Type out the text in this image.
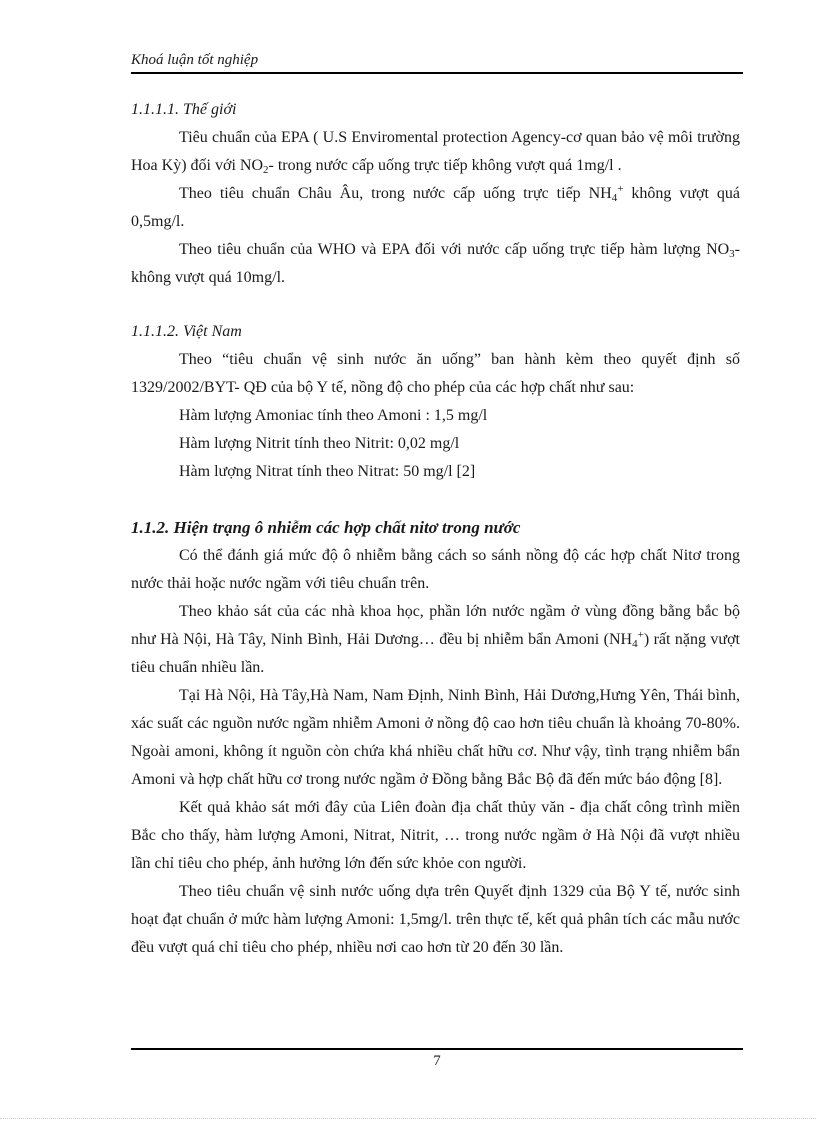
Khoá luận tốt nghiệp

1.1.1.1. Thế giới

Tiêu chuẩn của EPA ( U.S Enviromental protection Agency-cơ quan bảo vệ môi trường Hoa Kỳ) đối với $NO_2-$ trong nước cấp uống trực tiếp không vượt quá 1mg/l .

Theo tiêu chuẩn Châu Âu, trong nước cấp uống trực tiếp $NH_4^+$ không vượt quá 0,5mg/l.

Theo tiêu chuẩn của WHO và EPA đối với nước cấp uống trực tiếp hàm lượng $NO_3-$ không vượt quá 10mg/l.

1.1.1.2. Việt Nam

Theo “tiêu chuẩn vệ sinh nước ăn uống” ban hành kèm theo quyết định số 1329/2002/BYT- QĐ của bộ Y tế, nồng độ cho phép của các hợp chất như sau:

Hàm lượng Amoniac tính theo Amoni : 1,5 mg/l

Hàm lượng Nitrit tính theo Nitrit: 0,02 mg/l

Hàm lượng Nitrat tính theo Nitrat: 50 mg/l [2]

1.1.2. Hiện trạng ô nhiễm các hợp chất nitơ trong nước

Có thể đánh giá mức độ ô nhiễm bằng cách so sánh nồng độ các hợp chất Nitơ trong nước thải hoặc nước ngầm với tiêu chuẩn trên.

Theo khảo sát của các nhà khoa học, phần lớn nước ngầm ở vùng đồng bằng bắc bộ như Hà Nội, Hà Tây, Ninh Bình, Hải Dương… đều bị nhiễm bẩn Amoni $(NH_4^+)$ rất nặng vượt tiêu chuẩn nhiều lần.

Tại Hà Nội, Hà Tây,Hà Nam, Nam Định, Ninh Bình, Hải Dương,Hưng Yên, Thái bình, xác suất các nguồn nước ngầm nhiễm Amoni ở nồng độ cao hơn tiêu chuẩn là khoảng 70-80%. Ngoài amoni, không ít nguồn còn chứa khá nhiều chất hữu cơ. Như vậy, tình trạng nhiễm bẩn Amoni và hợp chất hữu cơ trong nước ngầm ở Đồng bằng Bắc Bộ đã đến mức báo động [8].

Kết quả khảo sát mới đây của Liên đoàn địa chất thủy văn - địa chất công trình miền Bắc cho thấy, hàm lượng Amoni, Nitrat, Nitrit, … trong nước ngầm ở Hà Nội đã vượt nhiều lần chỉ tiêu cho phép, ảnh hưởng lớn đến sức khỏe con người.

Theo tiêu chuẩn vệ sinh nước uống dựa trên Quyết định 1329 của Bộ Y tế, nước sinh hoạt đạt chuẩn ở mức hàm lượng Amoni: 1,5mg/l. trên thực tế, kết quả phân tích các mẫu nước đều vượt quá chỉ tiêu cho phép, nhiều nơi cao hơn từ 20 đến 30 lần.

7
